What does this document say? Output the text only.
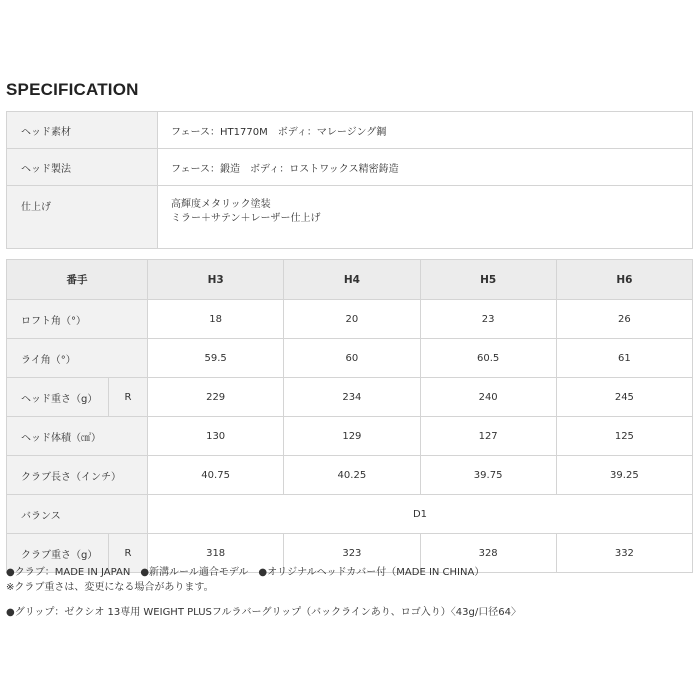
SPECIFICATION
ヘッド素材	フェース：HT1770M　ボディ：マレージング鋼
ヘッド製法	フェース：鍛造　ボディ：ロストワックス精密鋳造
仕上げ	高輝度メタリック塗装
ミラー＋サテン＋レーザー仕上げ
番手		H3	H4	H5	H6
ロフト角（°）		18	20	23	26
ライ角（°）		59.5	60	60.5	61
ヘッド重さ（g）	R	229	234	240	245
ヘッド体積（㎤）		130	129	127	125
クラブ長さ（インチ）		40.75	40.25	39.75	39.25
バランス		D1			
クラブ重さ（g）	R	318	323	328	332
●クラブ：MADE IN JAPAN ●新溝ルール適合モデル ●オリジナルヘッドカバー付（MADE IN CHINA）
※クラブ重さは、変更になる場合があります。
●グリップ：ゼクシオ 13専用 WEIGHT PLUSフルラバーグリップ（バックラインあり、ロゴ入り）〈43g/口径64〉
